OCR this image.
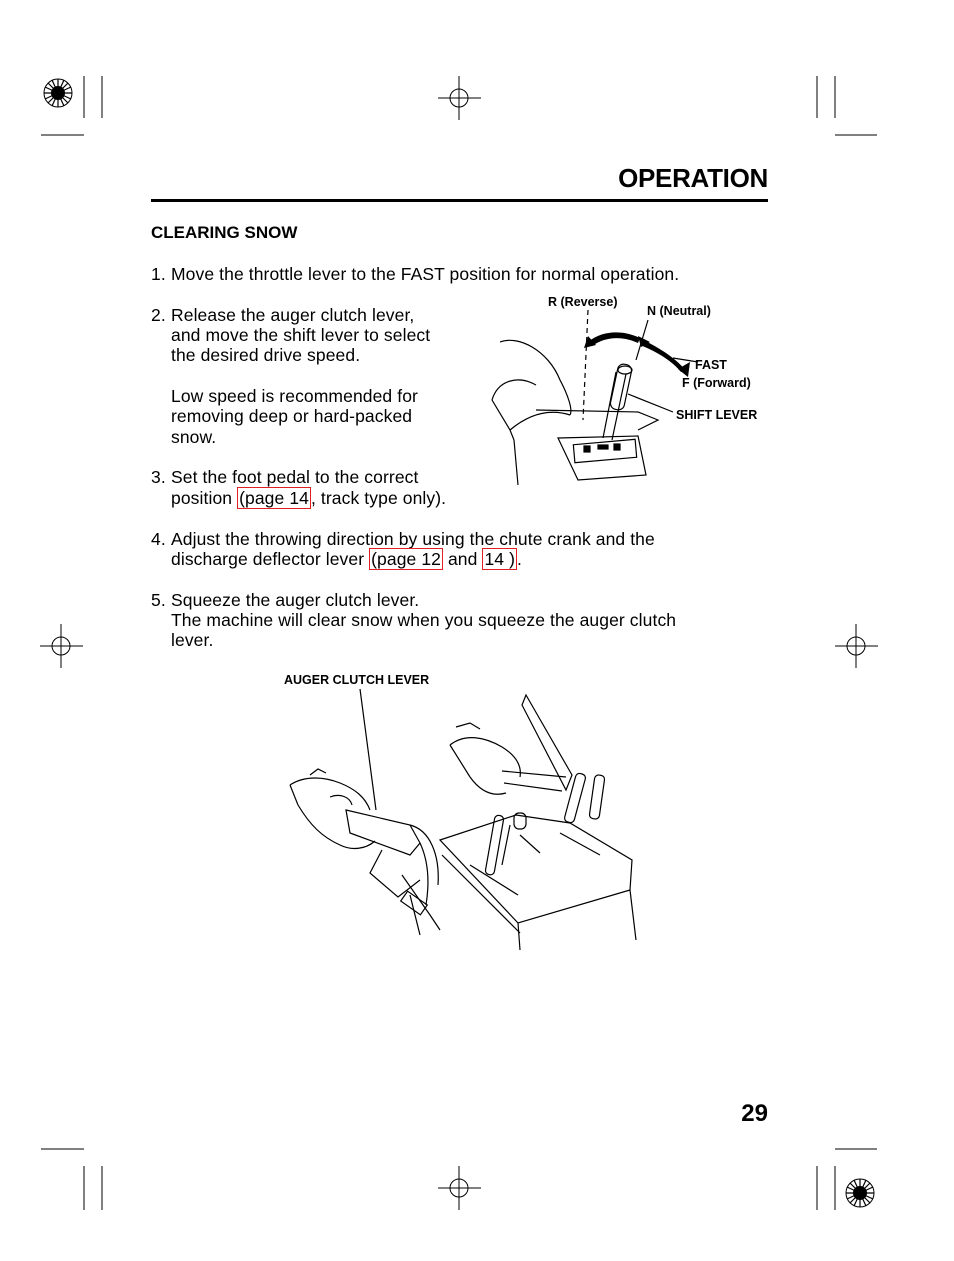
OPERATION
CLEARING SNOW
1. Move the throttle lever to the FAST position for normal operation.
2. Release the auger clutch lever,
and move the shift lever to select
the desired drive speed.
Low speed is recommended for
removing deep or hard-packed
snow.
3. Set the foot pedal to the correct
position (page 14 , track type only).
4. Adjust the throwing direction by using the chute crank and the
discharge deflector lever (page 12 and 14 ) .
5. Squeeze the auger clutch lever.
The machine will clear snow when you squeeze the auger clutch
lever.
R (Reverse)
N (Neutral)
FAST
F (Forward)
SHIFT LEVER
AUGER CLUTCH LEVER
29
